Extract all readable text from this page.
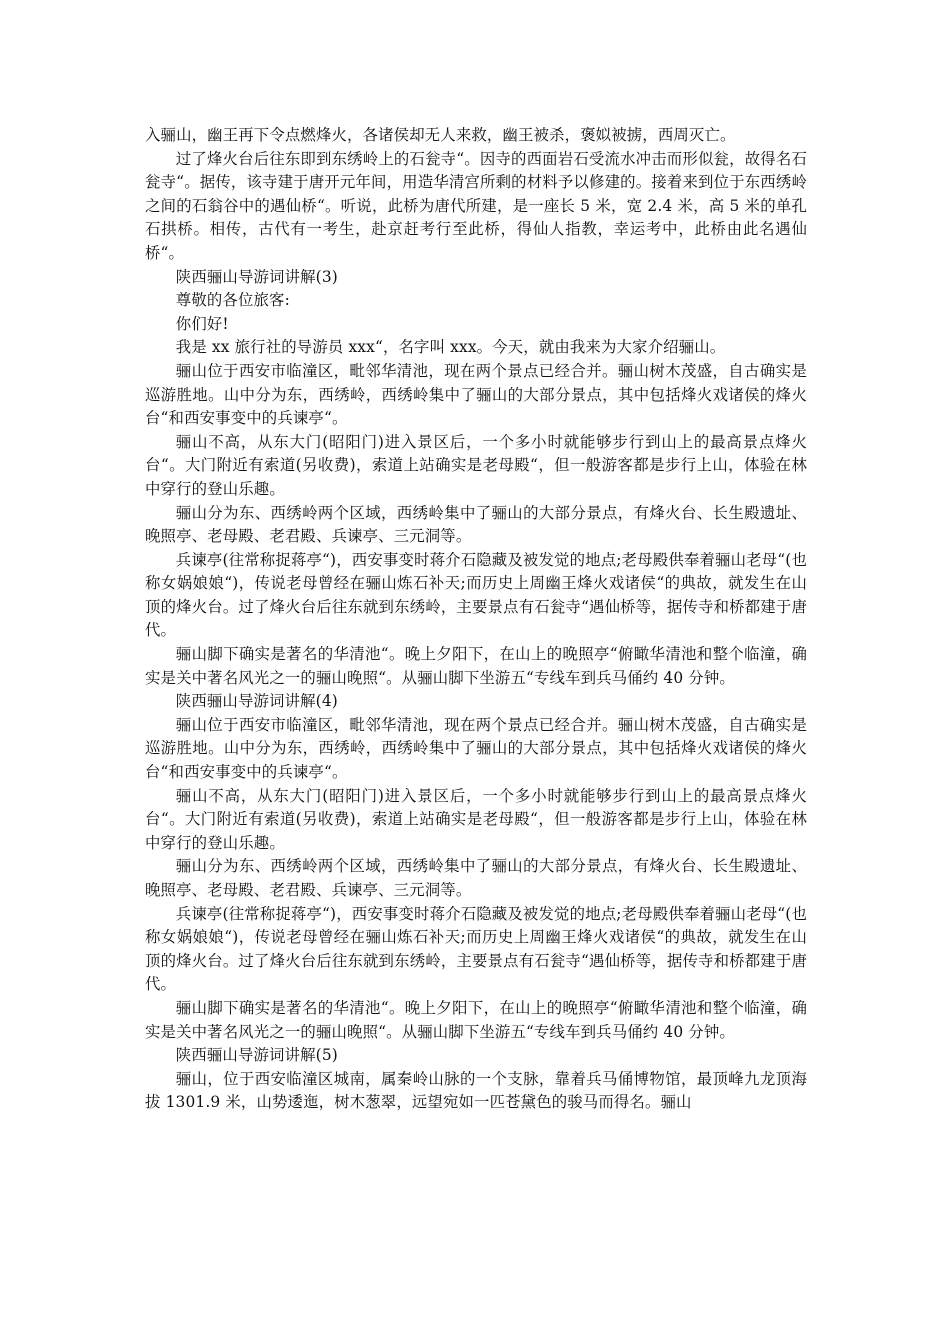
入骊山，幽王再下令点燃烽火，各诸侯却无人来救，幽王被杀，褒姒被掳，西周灭亡。

过了烽火台后往东即到东绣岭上的石瓮寺“。因寺的西面岩石受流水冲击而形似瓮，故得名石瓮寺“。据传，该寺建于唐开元年间，用造华清宫所剩的材料予以修建的。接着来到位于东西绣岭之间的石翁谷中的遇仙桥“。听说，此桥为唐代所建，是一座长 5 米，宽 2.4 米，高 5 米的单孔石拱桥。相传，古代有一考生，赴京赶考行至此桥，得仙人指教，幸运考中，此桥由此名遇仙桥“。

陕西骊山导游词讲解(3)

尊敬的各位旅客:

你们好!

我是 xx 旅行社的导游员 xxx“，名字叫 xxx。今天，就由我来为大家介绍骊山。

骊山位于西安市临潼区，毗邻华清池，现在两个景点已经合并。骊山树木茂盛，自古确实是巡游胜地。山中分为东，西绣岭，西绣岭集中了骊山的大部分景点，其中包括烽火戏诸侯的烽火台“和西安事变中的兵谏亭“。

骊山不高，从东大门(昭阳门)进入景区后，一个多小时就能够步行到山上的最高景点烽火台“。大门附近有索道(另收费)，索道上站确实是老母殿“，但一般游客都是步行上山，体验在林中穿行的登山乐趣。

骊山分为东、西绣岭两个区域，西绣岭集中了骊山的大部分景点，有烽火台、长生殿遗址、晚照亭、老母殿、老君殿、兵谏亭、三元洞等。

兵谏亭(往常称捉蒋亭“)，西安事变时蒋介石隐藏及被发觉的地点;老母殿供奉着骊山老母“(也称女娲娘娘“)，传说老母曾经在骊山炼石补天;而历史上周幽王烽火戏诸侯“的典故，就发生在山顶的烽火台。过了烽火台后往东就到东绣岭，主要景点有石瓮寺“遇仙桥等，据传寺和桥都建于唐代。

骊山脚下确实是著名的华清池“。晚上夕阳下，在山上的晚照亭“俯瞰华清池和整个临潼，确实是关中著名风光之一的骊山晚照“。从骊山脚下坐游五“专线车到兵马俑约 40 分钟。

陕西骊山导游词讲解(4)

骊山位于西安市临潼区，毗邻华清池，现在两个景点已经合并。骊山树木茂盛，自古确实是巡游胜地。山中分为东，西绣岭，西绣岭集中了骊山的大部分景点，其中包括烽火戏诸侯的烽火台“和西安事变中的兵谏亭“。

骊山不高，从东大门(昭阳门)进入景区后，一个多小时就能够步行到山上的最高景点烽火台“。大门附近有索道(另收费)，索道上站确实是老母殿“，但一般游客都是步行上山，体验在林中穿行的登山乐趣。

骊山分为东、西绣岭两个区域，西绣岭集中了骊山的大部分景点，有烽火台、长生殿遗址、晚照亭、老母殿、老君殿、兵谏亭、三元洞等。

兵谏亭(往常称捉蒋亭“)，西安事变时蒋介石隐藏及被发觉的地点;老母殿供奉着骊山老母“(也称女娲娘娘“)，传说老母曾经在骊山炼石补天;而历史上周幽王烽火戏诸侯“的典故，就发生在山顶的烽火台。过了烽火台后往东就到东绣岭，主要景点有石瓮寺“遇仙桥等，据传寺和桥都建于唐代。

骊山脚下确实是著名的华清池“。晚上夕阳下，在山上的晚照亭“俯瞰华清池和整个临潼，确实是关中著名风光之一的骊山晚照“。从骊山脚下坐游五“专线车到兵马俑约 40 分钟。

陕西骊山导游词讲解(5)

骊山，位于西安临潼区城南，属秦岭山脉的一个支脉，靠着兵马俑博物馆，最顶峰九龙顶海拔 1301.9 米，山势逶迤，树木葱翠，远望宛如一匹苍黛色的骏马而得名。骊山
